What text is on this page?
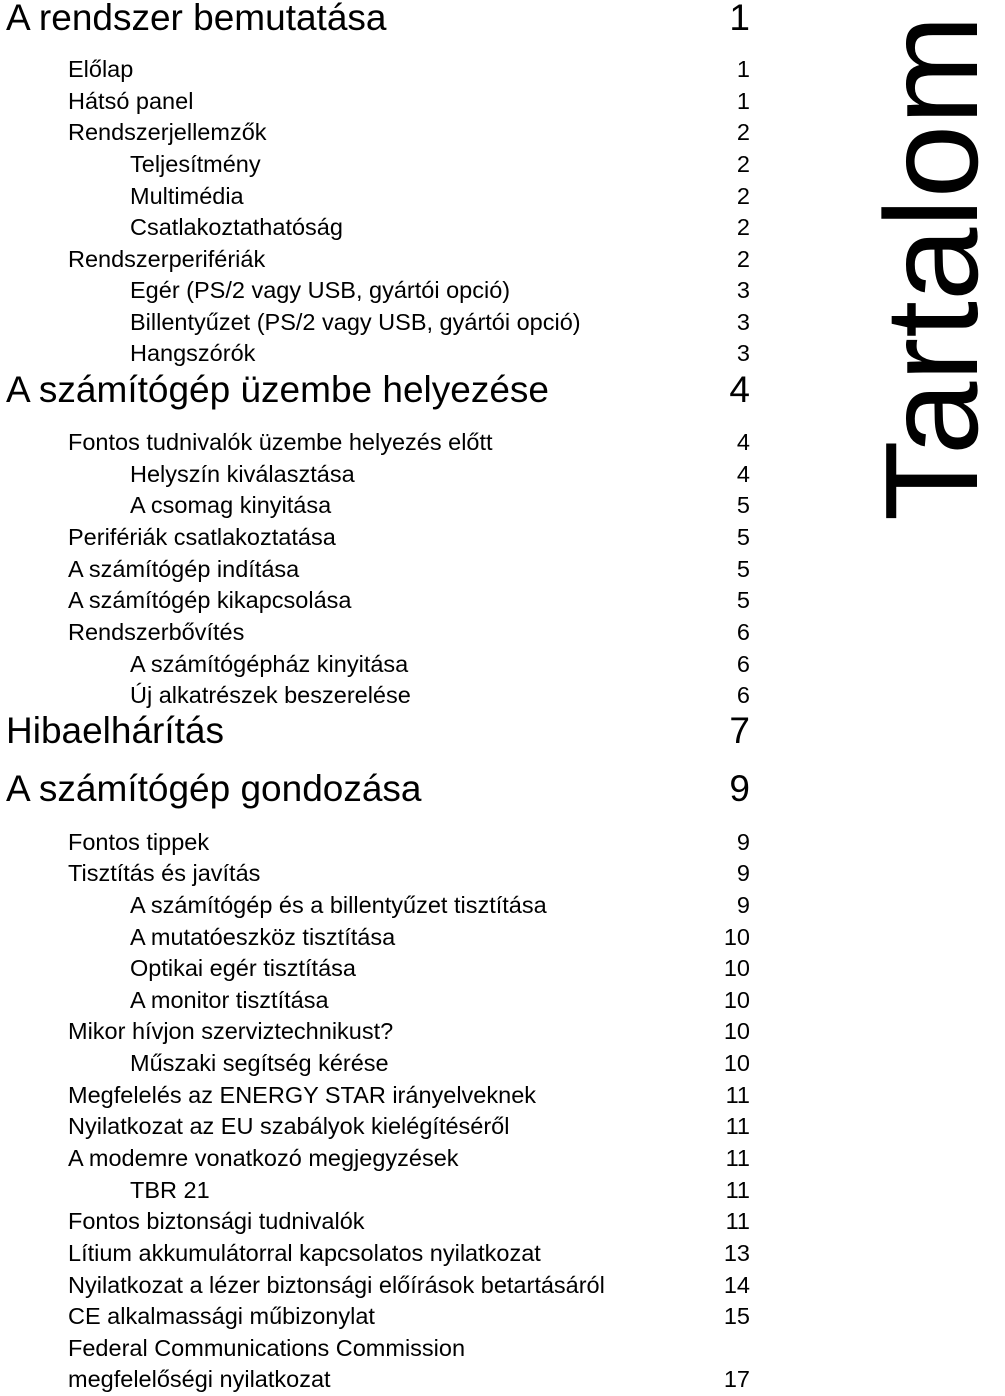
A rendszer bemutatása	1
Előlap	1
Hátsó panel	1
Rendszerjellemzők	2
Teljesítmény	2
Multimédia	2
Csatlakoztathatóság	2
Rendszerperifériák	2
Egér (PS/2 vagy USB, gyártói opció)	3
Billentyűzet (PS/2 vagy USB, gyártói opció)	3
Hangszórók	3
A számítógép üzembe helyezése	4
Fontos tudnivalók üzembe helyezés előtt	4
Helyszín kiválasztása	4
A csomag kinyitása	5
Perifériák csatlakoztatása	5
A számítógép indítása	5
A számítógép kikapcsolása	5
Rendszerbővítés	6
A számítógépház kinyitása	6
Új alkatrészek beszerelése	6
Hibaelhárítás	7
A számítógép gondozása	9
Fontos tippek	9
Tisztítás és javítás	9
A számítógép és a billentyűzet tisztítása	9
A mutatóeszköz tisztítása	10
Optikai egér tisztítása	10
A monitor tisztítása	10
Mikor hívjon szerviztechnikust?	10
Műszaki segítség kérése	10
Megfelelés az ENERGY STAR irányelveknek	11
Nyilatkozat az EU szabályok kielégítéséről	11
A modemre vonatkozó megjegyzések	11
TBR 21	11
Fontos biztonsági tudnivalók	11
Lítium akkumulátorral kapcsolatos nyilatkozat	13
Nyilatkozat a lézer biztonsági előírások betartásáról	14
CE alkalmassági műbizonylat	15
Federal Communications Commission
megfelelőségi nyilatkozat	17
Tartalom
